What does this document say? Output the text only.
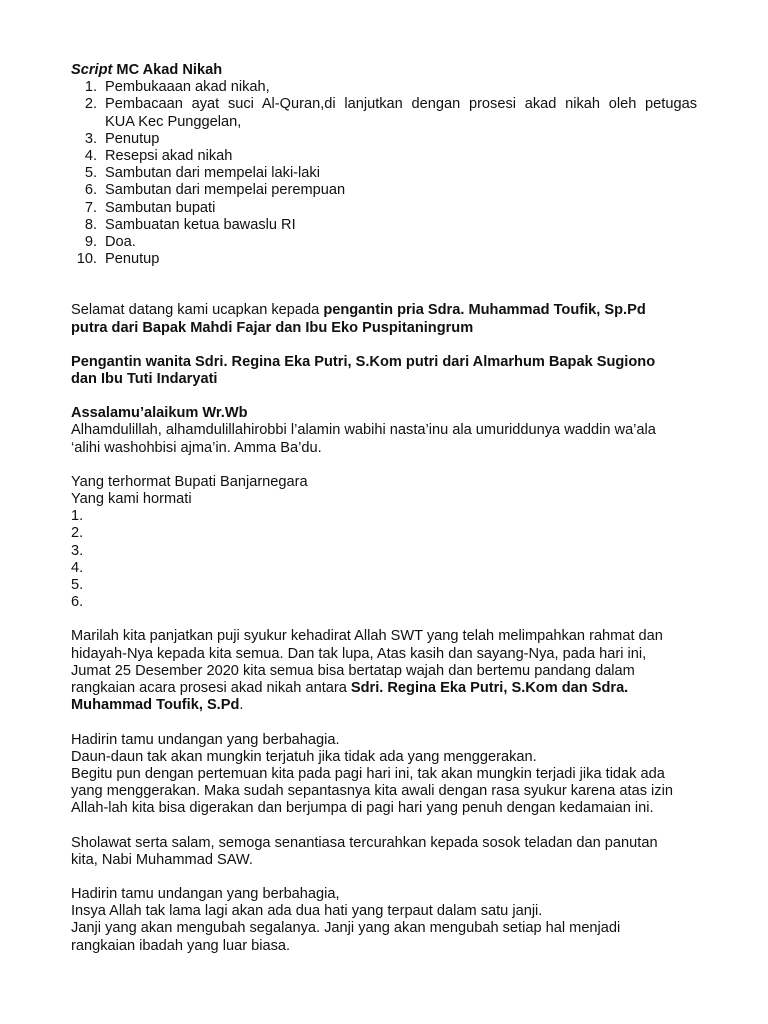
Script MC Akad Nikah
1. Pembukaaan akad nikah,
2. Pembacaan ayat suci Al-Quran,di lanjutkan dengan prosesi akad nikah oleh petugas
KUA Kec Punggelan,
3. Penutup
4. Resepsi akad nikah
5. Sambutan dari mempelai laki-laki
6. Sambutan dari mempelai perempuan
7. Sambutan bupati
8. Sambuatan ketua bawaslu RI
9. Doa.
10. Penutup
Selamat datang kami ucapkan kepada pengantin pria Sdra. Muhammad Toufik, Sp.Pd
putra dari Bapak Mahdi Fajar dan Ibu Eko Puspitaningrum
Pengantin wanita Sdri. Regina Eka Putri, S.Kom putri dari Almarhum Bapak Sugiono
dan Ibu Tuti Indaryati
Assalamu’alaikum Wr.Wb
Alhamdulillah, alhamdulillahirobbi l’alamin wabihi nasta’inu ala umuriddunya waddin wa’ala
‘alihi washohbisi ajma’in. Amma Ba’du.
Yang terhormat Bupati Banjarnegara
Yang kami hormati
1.
2.
3.
4.
5.
6.
Marilah kita panjatkan puji syukur kehadirat Allah SWT yang telah melimpahkan rahmat dan
hidayah-Nya kepada kita semua. Dan tak lupa, Atas kasih dan sayang-Nya, pada hari ini,
Jumat 25 Desember 2020 kita semua bisa bertatap wajah dan bertemu pandang dalam
rangkaian acara prosesi akad nikah antara Sdri. Regina Eka Putri, S.Kom dan Sdra.
Muhammad Toufik, S.Pd.
Hadirin tamu undangan yang berbahagia.
Daun-daun tak akan mungkin terjatuh jika tidak ada yang menggerakan.
Begitu pun dengan pertemuan kita pada pagi hari ini, tak akan mungkin terjadi jika tidak ada
yang menggerakan. Maka sudah sepantasnya kita awali dengan rasa syukur karena atas izin
Allah-lah kita bisa digerakan dan berjumpa di pagi hari yang penuh dengan kedamaian ini.
Sholawat serta salam, semoga senantiasa tercurahkan kepada sosok teladan dan panutan
kita, Nabi Muhammad SAW.
Hadirin tamu undangan yang berbahagia,
Insya Allah tak lama lagi akan ada dua hati yang terpaut dalam satu janji.
Janji yang akan mengubah segalanya. Janji yang akan mengubah setiap hal menjadi
rangkaian ibadah yang luar biasa.
